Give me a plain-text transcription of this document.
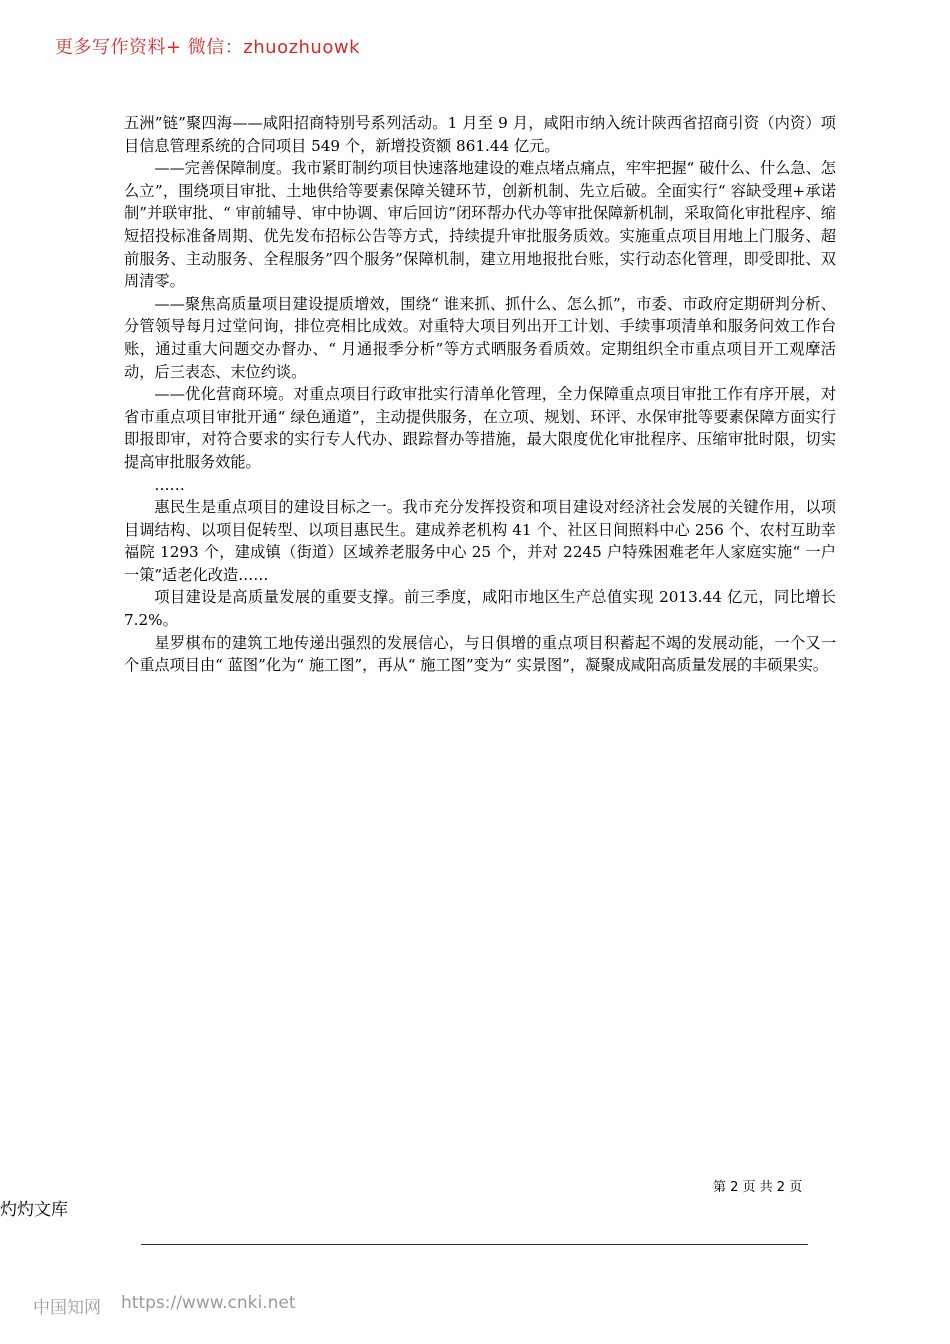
更多写作资料+ 微信：zhuozhuowk

五洲”链”聚四海——咸阳招商特别号系列活动。1 月至 9 月，咸阳市纳入统计陕西省招商引资（内资）项目信息管理系统的合同项目 549 个，新增投资额 861.44 亿元。

——完善保障制度。我市紧盯制约项目快速落地建设的难点堵点痛点，牢牢把握“ 破什么、什么急、怎么立”，围绕项目审批、土地供给等要素保障关键环节，创新机制、先立后破。全面实行“ 容缺受理+承诺制”并联审批、“ 审前辅导、审中协调、审后回访”闭环帮办代办等审批保障新机制，采取简化审批程序、缩短招投标准备周期、优先发布招标公告等方式，持续提升审批服务质效。实施重点项目用地上门服务、超前服务、主动服务、全程服务”四个服务”保障机制，建立用地报批台账，实行动态化管理，即受即批、双周清零。

——聚焦高质量项目建设提质增效，围绕“ 谁来抓、抓什么、怎么抓”，市委、市政府定期研判分析、分管领导每月过堂问询，排位亮相比成效。对重特大项目列出开工计划、手续事项清单和服务问效工作台账，通过重大问题交办督办、“ 月通报季分析”等方式晒服务看质效。定期组织全市重点项目开工观摩活动，后三表态、末位约谈。

——优化营商环境。对重点项目行政审批实行清单化管理，全力保障重点项目审批工作有序开展，对省市重点项目审批开通“ 绿色通道”，主动提供服务，在立项、规划、环评、水保审批等要素保障方面实行即报即审，对符合要求的实行专人代办、跟踪督办等措施，最大限度优化审批程序、压缩审批时限，切实提高审批服务效能。

……

惠民生是重点项目的建设目标之一。我市充分发挥投资和项目建设对经济社会发展的关键作用，以项目调结构、以项目促转型、以项目惠民生。建成养老机构 41 个、社区日间照料中心 256 个、农村互助幸福院 1293 个，建成镇（街道）区域养老服务中心 25 个，并对 2245 户特殊困难老年人家庭实施“ 一户一策”适老化改造……

项目建设是高质量发展的重要支撑。前三季度，咸阳市地区生产总值实现 2013.44 亿元，同比增长 7.2%。

星罗棋布的建筑工地传递出强烈的发展信心，与日俱增的重点项目积蓄起不竭的发展动能，一个又一个重点项目由“ 蓝图”化为“ 施工图”，再从“ 施工图”变为“ 实景图”，凝聚成咸阳高质量发展的丰硕果实。

第 2 页 共 2 页
灼灼文库
中国知网 https://www.cnki.net
